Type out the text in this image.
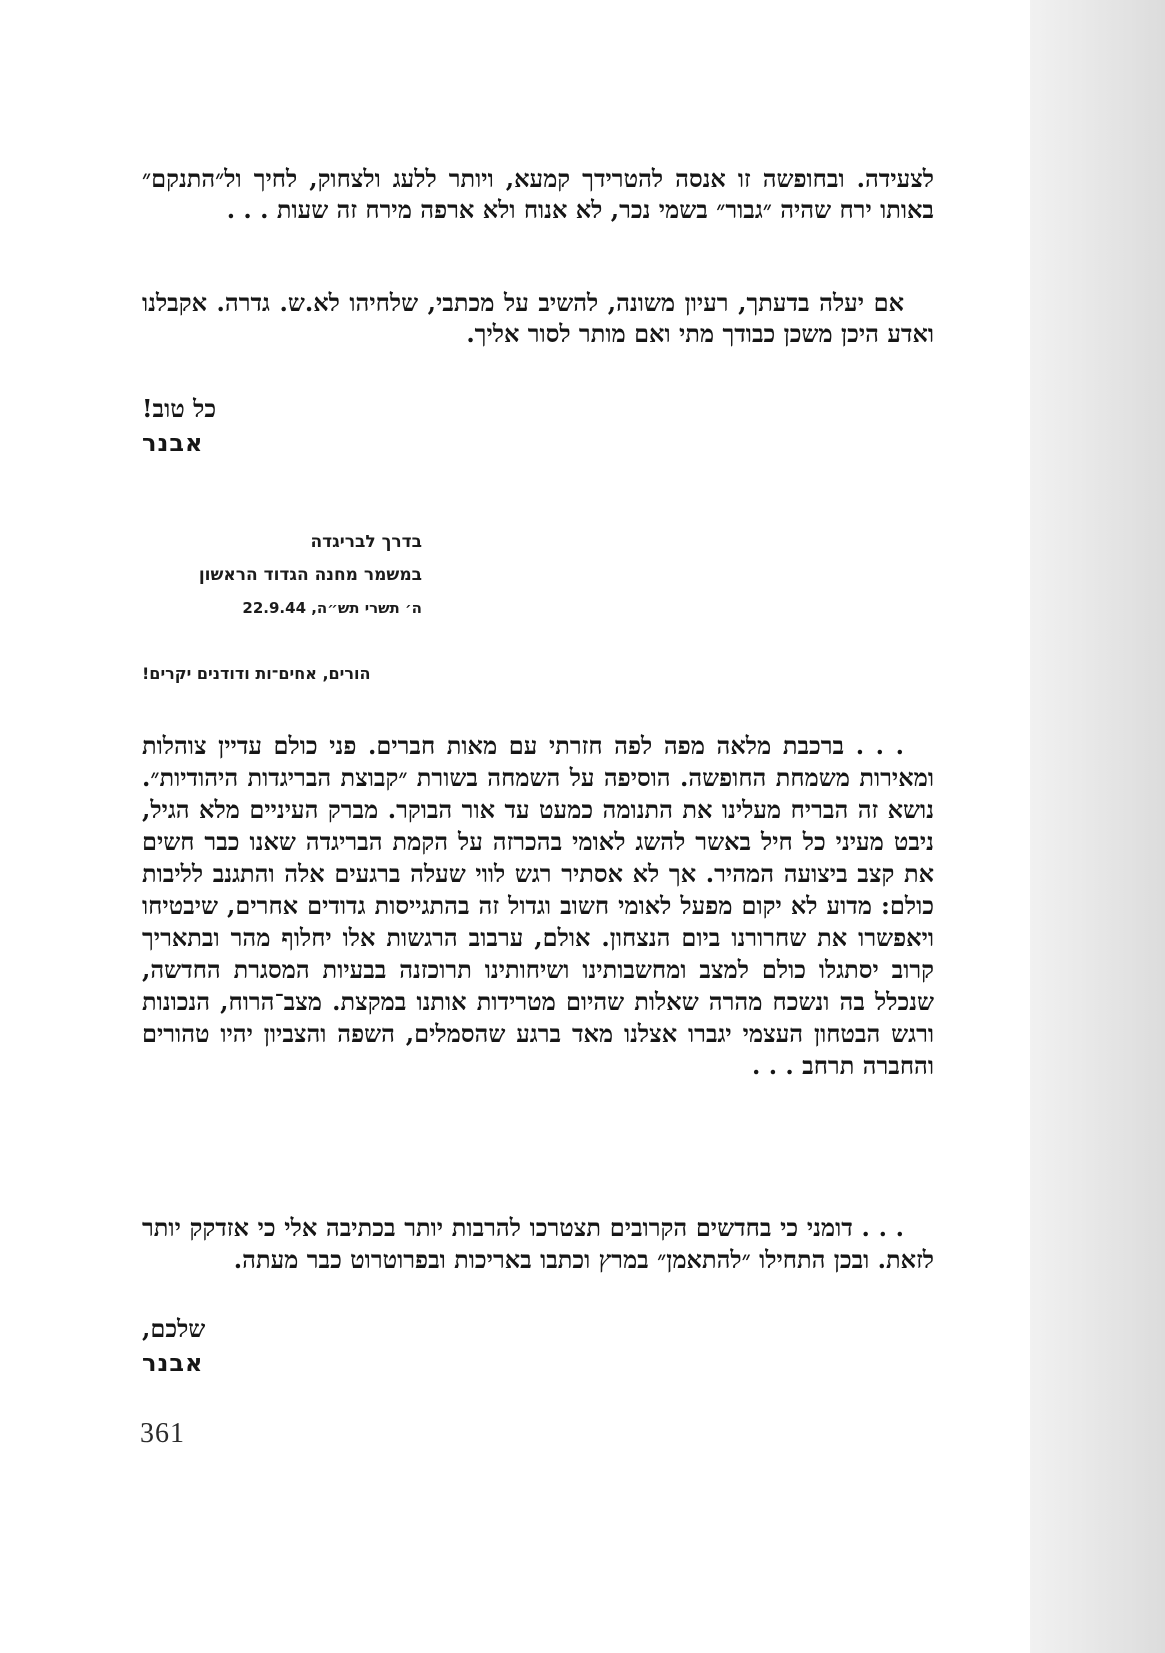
לצעידה. ובחופשה זו אנסה להטרידך קמעא, ויותר ללעג ולצחוק, לחיך ול״התנקם״ באותו ירח שהיה ״גבור״ בשמי נכר, לא אנוח ולא ארפה מירח זה שעות . . .

אם יעלה בדעתך, רעיון משונה, להשיב על מכתבי, שלחיהו לא.ש. גדרה. אקבלנו ואדע היכן משכן כבודך מתי ואם מותר לסור אליך.

כל טוב!
אבנר
בדרך לבריגדה
במשמר מחנה הגדוד הראשון
ה׳ תשרי תש״ה, 22.9.44
הורים, אחים־ות ודודנים יקרים!

. . . ברכבת מלאה מפה לפה חזרתי עם מאות חברים. פני כולם עדיין צוהלות ומאירות משמחת החופשה. הוסיפה על השמחה בשורת ״קבוצת הבריגדות היהודיות״. נושא זה הבריח מעלינו את התנומה כמעט עד אור הבוקר. מברק העיניים מלא הגיל, ניבט מעיני כל חיל באשר להשג לאומי בהכרזה על הקמת הבריגדה שאנו כבר חשים את קצב ביצועה המהיר. אך לא אסתיר רגש לווי שעלה ברגעים אלה והתגנב לליבות כולם: מדוע לא יקום מפעל לאומי חשוב וגדול זה בהתגייסות גדודים אחרים, שיבטיחו ויאפשרו את שחרורנו ביום הנצחון. אולם, ערבוב הרגשות אלו יחלוף מהר ובתאריך קרוב יסתגלו כולם למצב ומחשבותינו ושיחותינו תרוכזנה בבעיות המסגרת החדשה, שנכלל בה ונשכח מהרה שאלות שהיום מטרידות אותנו במקצת. מצב־הרוח, הנכונות ורגש הבטחון העצמי יגברו אצלנו מאד ברגע שהסמלים, השפה והצביון יהיו טהורים והחברה תרחב . . .

. . . דומני כי בחדשים הקרובים תצטרכו להרבות יותר בכתיבה אלי כי אזדקק יותר לזאת. ובכן התחילו ״להתאמן״ במרץ וכתבו באריכות ובפרוטרוט כבר מעתה.

שלכם,
אבנר
361
